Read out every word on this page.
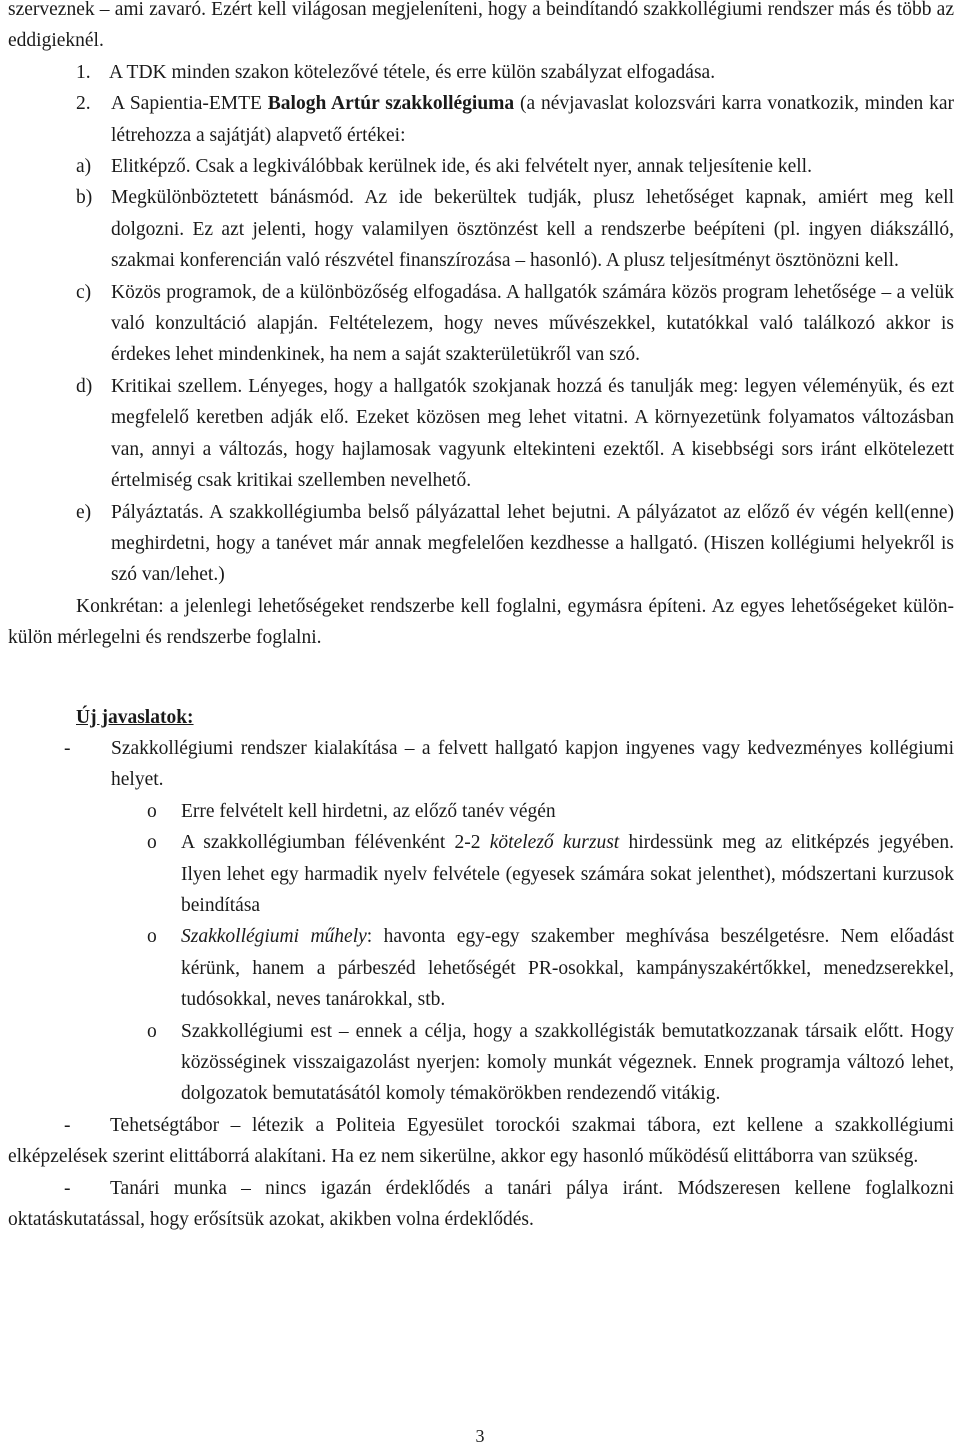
szerveznek – ami zavaró. Ezért kell világosan megjeleníteni, hogy a beindítandó szakkollégiumi rendszer más és több az eddigieknél.

1. A TDK minden szakon kötelezővé tétele, és erre külön szabályzat elfogadása.

2. A Sapientia-EMTE Balogh Artúr szakkollégiuma (a névjavaslat kolozsvári karra vonatkozik, minden kar létrehozza a sajátját) alapvető értékei:

a) Elitképző. Csak a legkiválóbbak kerülnek ide, és aki felvételt nyer, annak teljesítenie kell.

b) Megkülönböztetett bánásmód. Az ide bekerültek tudják, plusz lehetőséget kapnak, amiért meg kell dolgozni. Ez azt jelenti, hogy valamilyen ösztönzést kell a rendszerbe beépíteni (pl. ingyen diákszálló, szakmai konferencián való részvétel finanszírozása – hasonló). A plusz teljesítményt ösztönözni kell.

c) Közös programok, de a különbözőség elfogadása. A hallgatók számára közös program lehetősége – a velük való konzultáció alapján. Feltételezem, hogy neves művészekkel, kutatókkal való találkozó akkor is érdekes lehet mindenkinek, ha nem a saját szakterületükről van szó.

d) Kritikai szellem. Lényeges, hogy a hallgatók szokjanak hozzá és tanulják meg: legyen véleményük, és ezt megfelelő keretben adják elő. Ezeket közösen meg lehet vitatni. A környezetünk folyamatos változásban van, annyi a változás, hogy hajlamosak vagyunk eltekinteni ezektől. A kisebbségi sors iránt elkötelezett értelmiség csak kritikai szellemben nevelhető.

e) Pályáztatás. A szakkollégiumba belső pályázattal lehet bejutni. A pályázatot az előző év végén kell(enne) meghirdetni, hogy a tanévet már annak megfelelően kezdhesse a hallgató. (Hiszen kollégiumi helyekről is szó van/lehet.)

Konkrétan: a jelenlegi lehetőségeket rendszerbe kell foglalni, egymásra építeni. Az egyes lehetőségeket külön-külön mérlegelni és rendszerbe foglalni.

Új javaslatok:

- Szakkollégiumi rendszer kialakítása – a felvett hallgató kapjon ingyenes vagy kedvezményes kollégiumi helyet.

o Erre felvételt kell hirdetni, az előző tanév végén

o A szakkollégiumban félévenként 2-2 kötelező kurzust hirdessünk meg az elitképzés jegyében. Ilyen lehet egy harmadik nyelv felvétele (egyesek számára sokat jelenthet), módszertani kurzusok beindítása

o Szakkollégiumi műhely: havonta egy-egy szakember meghívása beszélgetésre. Nem előadást kérünk, hanem a párbeszéd lehetőségét PR-osokkal, kampányszakértőkkel, menedzserekkel, tudósokkal, neves tanárokkal, stb.

o Szakkollégiumi est – ennek a célja, hogy a szakkollégisták bemutatkozzanak társaik előtt. Hogy közösséginek visszaigazolást nyerjen: komoly munkát végeznek. Ennek programja változó lehet, dolgozatok bemutatásától komoly témakörökben rendezendő vitákig.

- Tehetségtábor – létezik a Politeia Egyesület torockói szakmai tábora, ezt kellene a szakkollégiumi elképzelések szerint elittáborrá alakítani. Ha ez nem sikerülne, akkor egy hasonló működésű elittáborra van szükség.

- Tanári munka – nincs igazán érdeklődés a tanári pálya iránt. Módszeresen kellene foglalkozni oktatáskutatással, hogy erősítsük azokat, akikben volna érdeklődés.

3
